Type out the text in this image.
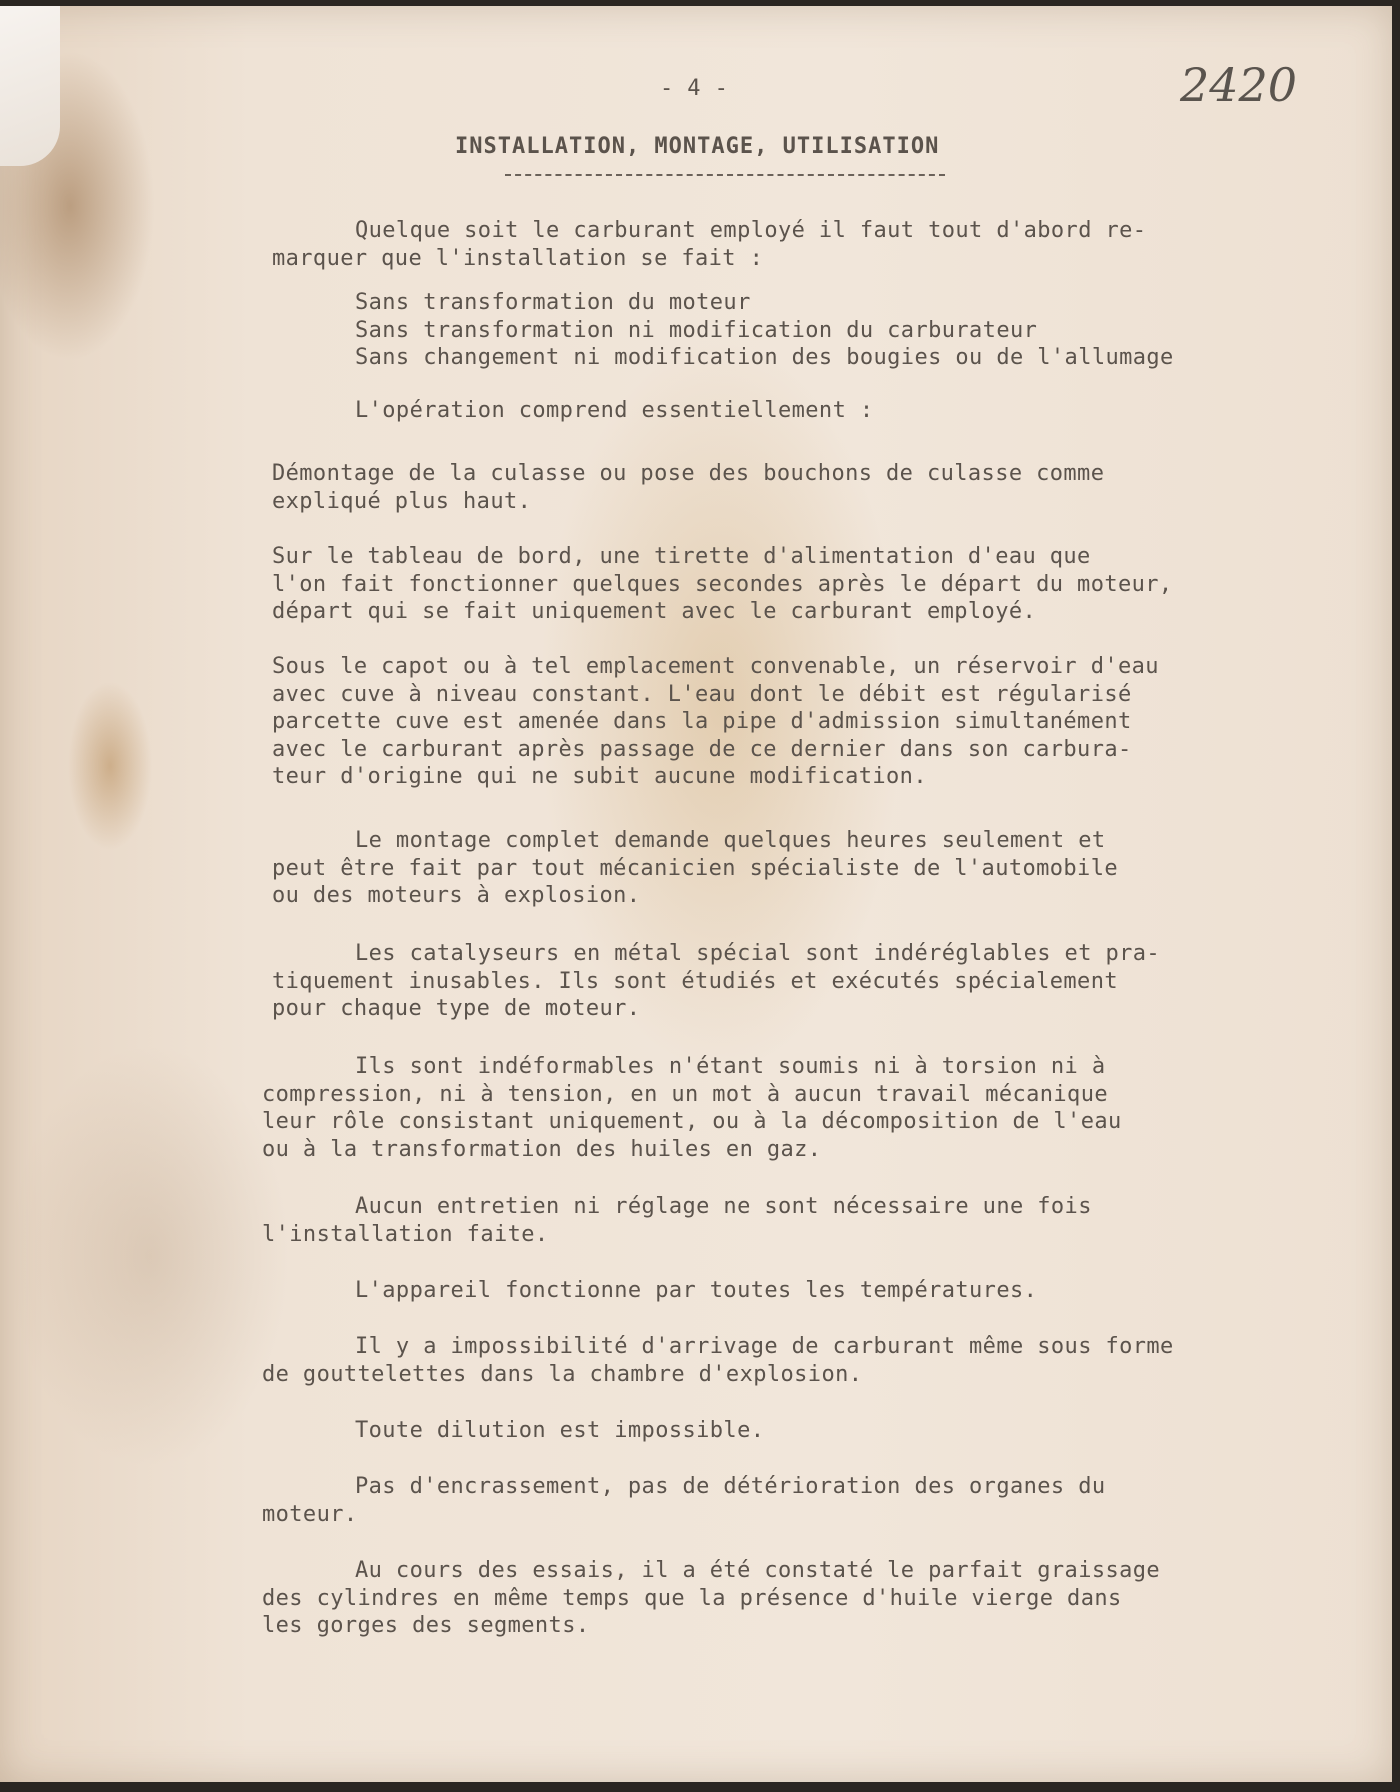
- 4 -	2420
INSTALLATION, MONTAGE, UTILISATION
Quelque soit le carburant employé il faut tout d'abord re-
marquer que l'installation se fait :
Sans transformation du moteur
Sans transformation ni modification du carburateur
Sans changement ni modification des bougies ou de l'allumage
L'opération comprend essentiellement :
Démontage de la culasse ou pose des bouchons de culasse comme
expliqué plus haut.
Sur le tableau de bord, une tirette d'alimentation d'eau que
l'on fait fonctionner quelques secondes après le départ du moteur,
départ qui se fait uniquement avec le carburant employé.
Sous le capot ou à tel emplacement convenable, un réservoir d'eau
avec cuve à niveau constant. L'eau dont le débit est régularisé
parcette cuve est amenée dans la pipe d'admission simultanément
avec le carburant après passage de ce dernier dans son carbura-
teur d'origine qui ne subit aucune modification.
Le montage complet demande quelques heures seulement et
peut être fait par tout mécanicien spécialiste de l'automobile
ou des moteurs à explosion.
Les catalyseurs en métal spécial sont indéréglables et pra-
tiquement inusables. Ils sont étudiés et exécutés spécialement
pour chaque type de moteur.
Ils sont indéformables n'étant soumis ni à torsion ni à
compression, ni à tension, en un mot à aucun travail mécanique
leur rôle consistant uniquement, ou à la décomposition de l'eau
ou à la transformation des huiles en gaz.
Aucun entretien ni réglage ne sont nécessaire une fois
l'installation faite.
L'appareil fonctionne par toutes les températures.
Il y a impossibilité d'arrivage de carburant même sous forme
de gouttelettes dans la chambre d'explosion.
Toute dilution est impossible.
Pas d'encrassement, pas de détérioration des organes du
moteur.
Au cours des essais, il a été constaté le parfait graissage
des cylindres en même temps que la présence d'huile vierge dans
les gorges des segments.
